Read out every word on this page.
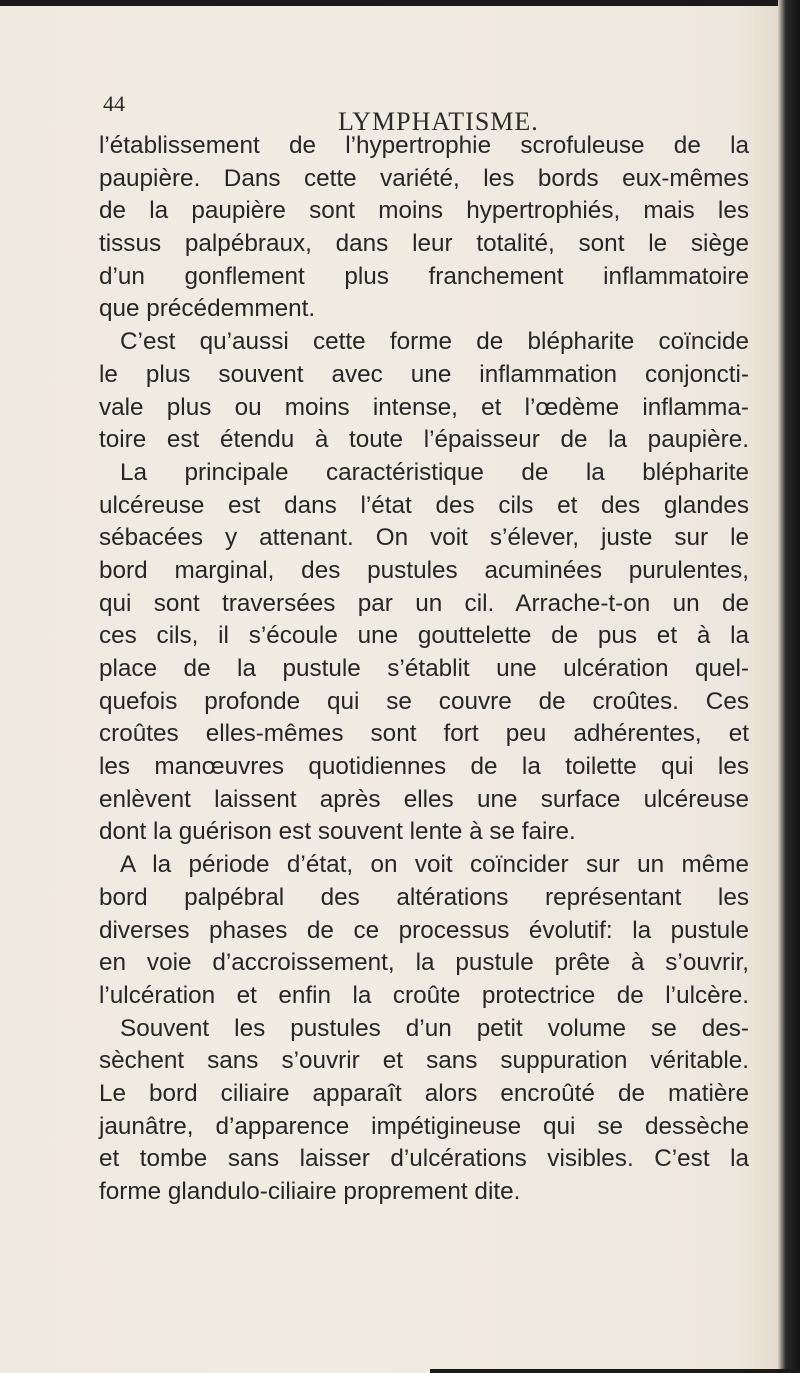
44
LYMPHATISME.
l’établissement de l’hypertrophie scrofuleuse de la
paupière. Dans cette variété, les bords eux-mêmes
de la paupière sont moins hypertrophiés, mais les
tissus palpébraux, dans leur totalité, sont le siège
d’un gonflement plus franchement inflammatoire
que précédemment.
C’est qu’aussi cette forme de blépharite coïncide
le plus souvent avec une inflammation conjoncti-
vale plus ou moins intense, et l’œdème inflamma-
toire est étendu à toute l’épaisseur de la paupière.
La principale caractéristique de la blépharite
ulcéreuse est dans l’état des cils et des glandes
sébacées y attenant. On voit s’élever, juste sur le
bord marginal, des pustules acuminées purulentes,
qui sont traversées par un cil. Arrache-t-on un de
ces cils, il s’écoule une gouttelette de pus et à la
place de la pustule s’établit une ulcération quel-
quefois profonde qui se couvre de croûtes. Ces
croûtes elles-mêmes sont fort peu adhérentes, et
les manœuvres quotidiennes de la toilette qui les
enlèvent laissent après elles une surface ulcéreuse
dont la guérison est souvent lente à se faire.
A la période d’état, on voit coïncider sur un même
bord palpébral des altérations représentant les
diverses phases de ce processus évolutif: la pustule
en voie d’accroissement, la pustule prête à s’ouvrir,
l’ulcération et enfin la croûte protectrice de l’ulcère.
Souvent les pustules d’un petit volume se des-
sèchent sans s’ouvrir et sans suppuration véritable.
Le bord ciliaire apparaît alors encroûté de matière
jaunâtre, d’apparence impétigineuse qui se dessèche
et tombe sans laisser d’ulcérations visibles. C’est la
forme glandulo-ciliaire proprement dite.
